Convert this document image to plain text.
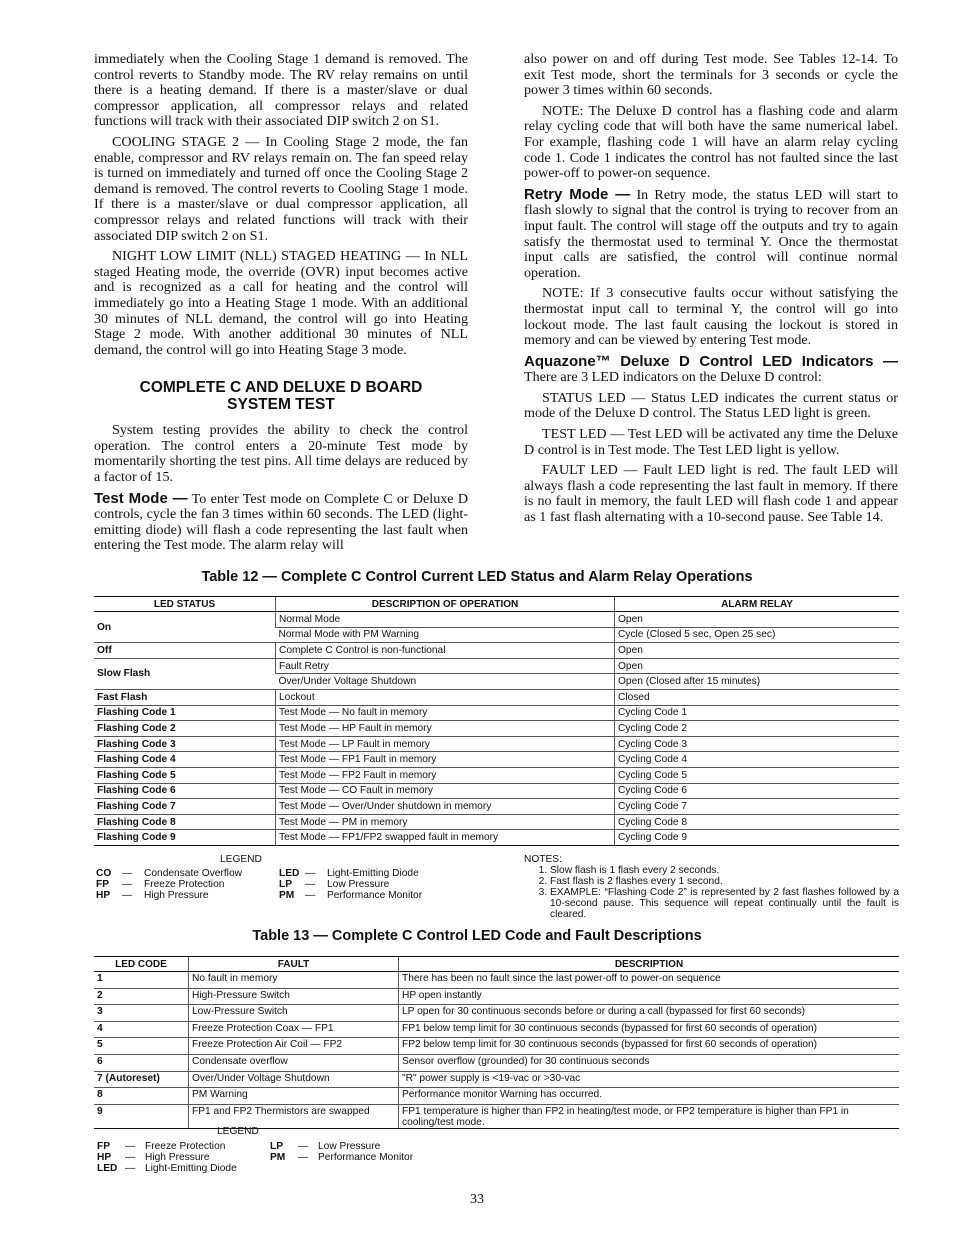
immediately when the Cooling Stage 1 demand is removed. The control reverts to Standby mode. The RV relay remains on until there is a heating demand. If there is a master/slave or dual compressor application, all compressor relays and related functions will track with their associated DIP switch 2 on S1.

COOLING STAGE 2 — In Cooling Stage 2 mode, the fan enable, compressor and RV relays remain on. The fan speed relay is turned on immediately and turned off once the Cooling Stage 2 demand is removed. The control reverts to Cooling Stage 1 mode. If there is a master/slave or dual compressor application, all compressor relays and related functions will track with their associated DIP switch 2 on S1.

NIGHT LOW LIMIT (NLL) STAGED HEATING — In NLL staged Heating mode, the override (OVR) input becomes active and is recognized as a call for heating and the control will immediately go into a Heating Stage 1 mode. With an additional 30 minutes of NLL demand, the control will go into Heating Stage 2 mode. With another additional 30 minutes of NLL demand, the control will go into Heating Stage 3 mode.

COMPLETE C AND DELUXE D BOARD
SYSTEM TEST

System testing provides the ability to check the control operation. The control enters a 20-minute Test mode by momentarily shorting the test pins. All time delays are reduced by a factor of 15.

Test Mode — To enter Test mode on Complete C or Deluxe D controls, cycle the fan 3 times within 60 seconds. The LED (light-emitting diode) will flash a code representing the last fault when entering the Test mode. The alarm relay will

also power on and off during Test mode. See Tables 12-14. To exit Test mode, short the terminals for 3 seconds or cycle the power 3 times within 60 seconds.

NOTE: The Deluxe D control has a flashing code and alarm relay cycling code that will both have the same numerical label. For example, flashing code 1 will have an alarm relay cycling code 1. Code 1 indicates the control has not faulted since the last power-off to power-on sequence.

Retry Mode — In Retry mode, the status LED will start to flash slowly to signal that the control is trying to recover from an input fault. The control will stage off the outputs and try to again satisfy the thermostat used to terminal Y. Once the thermostat input calls are satisfied, the control will continue normal operation.

NOTE: If 3 consecutive faults occur without satisfying the thermostat input call to terminal Y, the control will go into lockout mode. The last fault causing the lockout is stored in memory and can be viewed by entering Test mode.

Aquazone™ Deluxe D Control LED Indicators — There are 3 LED indicators on the Deluxe D control:

STATUS LED — Status LED indicates the current status or mode of the Deluxe D control. The Status LED light is green.

TEST LED — Test LED will be activated any time the Deluxe D control is in Test mode. The Test LED light is yellow.

FAULT LED — Fault LED light is red. The fault LED will always flash a code representing the last fault in memory. If there is no fault in memory, the fault LED will flash code 1 and appear as 1 fast flash alternating with a 10-second pause. See Table 14.

Table 12 — Complete C Control Current LED Status and Alarm Relay Operations
LED STATUS	DESCRIPTION OF OPERATION	ALARM RELAY
On	Normal Mode	Open
	Normal Mode with PM Warning	Cycle (Closed 5 sec, Open 25 sec)
Off	Complete C Control is non-functional	Open
Slow Flash	Fault Retry	Open
	Over/Under Voltage Shutdown	Open (Closed after 15 minutes)
Fast Flash	Lockout	Closed
Flashing Code 1	Test Mode — No fault in memory	Cycling Code 1
Flashing Code 2	Test Mode — HP Fault in memory	Cycling Code 2
Flashing Code 3	Test Mode — LP Fault in memory	Cycling Code 3
Flashing Code 4	Test Mode — FP1 Fault in memory	Cycling Code 4
Flashing Code 5	Test Mode — FP2 Fault in memory	Cycling Code 5
Flashing Code 6	Test Mode — CO Fault in memory	Cycling Code 6
Flashing Code 7	Test Mode — Over/Under shutdown in memory	Cycling Code 7
Flashing Code 8	Test Mode — PM in memory	Cycling Code 8
Flashing Code 9	Test Mode — FP1/FP2 swapped fault in memory	Cycling Code 9
LEGEND
CO — Condensate Overflow
FP — Freeze Protection
HP — High Pressure
LED — Light-Emitting Diode
LP — Low Pressure
PM — Performance Monitor
NOTES:
1. Slow flash is 1 flash every 2 seconds.
2. Fast flash is 2 flashes every 1 second.
3. EXAMPLE: “Flashing Code 2” is represented by 2 fast flashes followed by a 10-second pause. This sequence will repeat continually until the fault is cleared.
Table 13 — Complete C Control LED Code and Fault Descriptions
LED CODE	FAULT	DESCRIPTION
1	No fault in memory	There has been no fault since the last power-off to power-on sequence
2	High-Pressure Switch	HP open instantly
3	Low-Pressure Switch	LP open for 30 continuous seconds before or during a call (bypassed for first 60 seconds)
4	Freeze Protection Coax — FP1	FP1 below temp limit for 30 continuous seconds (bypassed for first 60 seconds of operation)
5	Freeze Protection Air Coil — FP2	FP2 below temp limit for 30 continuous seconds (bypassed for first 60 seconds of operation)
6	Condensate overflow	Sensor overflow (grounded) for 30 continuous seconds
7 (Autoreset)	Over/Under Voltage Shutdown	"R" power supply is <19-vac or >30-vac
8	PM Warning	Performance monitor Warning has occurred.
9	FP1 and FP2 Thermistors are swapped	FP1 temperature is higher than FP2 in heating/test mode, or FP2 temperature is higher than FP1 in cooling/test mode.
LEGEND
FP — Freeze Protection
HP — High Pressure
LED — Light-Emitting Diode
LP — Low Pressure
PM — Performance Monitor
33
